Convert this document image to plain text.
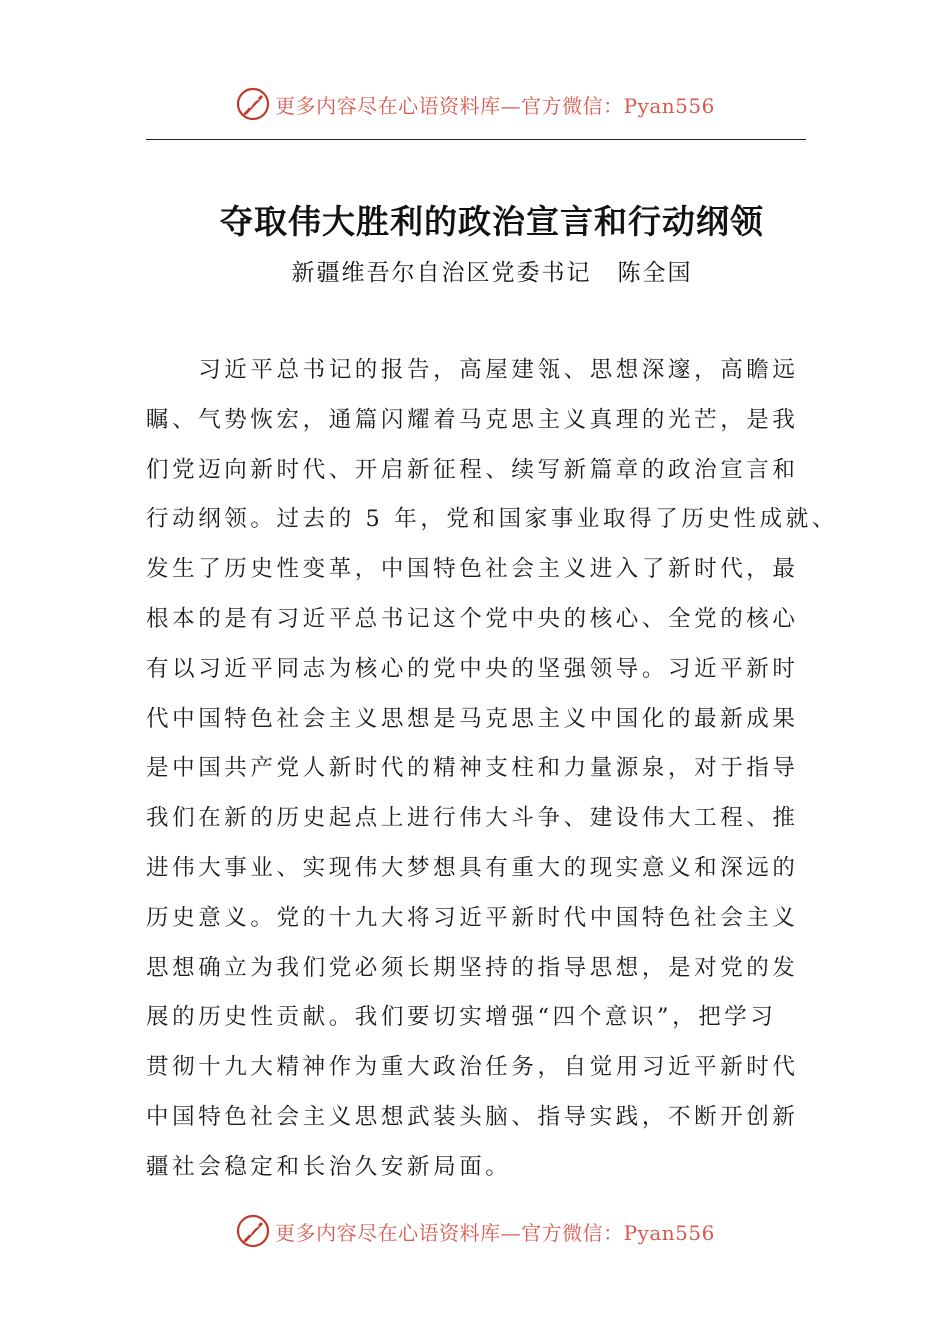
更多内容尽在心语资料库—官方微信：Pyan556
夺取伟大胜利的政治宣言和行动纲领
新疆维吾尔自治区党委书记 陈全国
　　习近平总书记的报告，高屋建瓴、思想深邃，高瞻远
瞩、气势恢宏，通篇闪耀着马克思主义真理的光芒，是我
们党迈向新时代、开启新征程、续写新篇章的政治宣言和
行动纲领。过去的 5 年，党和国家事业取得了历史性成就、
发生了历史性变革，中国特色社会主义进入了新时代，最
根本的是有习近平总书记这个党中央的核心、全党的核心
有以习近平同志为核心的党中央的坚强领导。习近平新时
代中国特色社会主义思想是马克思主义中国化的最新成果
是中国共产党人新时代的精神支柱和力量源泉，对于指导
我们在新的历史起点上进行伟大斗争、建设伟大工程、推
进伟大事业、实现伟大梦想具有重大的现实意义和深远的
历史意义。党的十九大将习近平新时代中国特色社会主义
思想确立为我们党必须长期坚持的指导思想，是对党的发
展的历史性贡献。我们要切实增强“四个意识”，把学习
贯彻十九大精神作为重大政治任务，自觉用习近平新时代
中国特色社会主义思想武装头脑、指导实践，不断开创新
疆社会稳定和长治久安新局面。
更多内容尽在心语资料库—官方微信：Pyan556
